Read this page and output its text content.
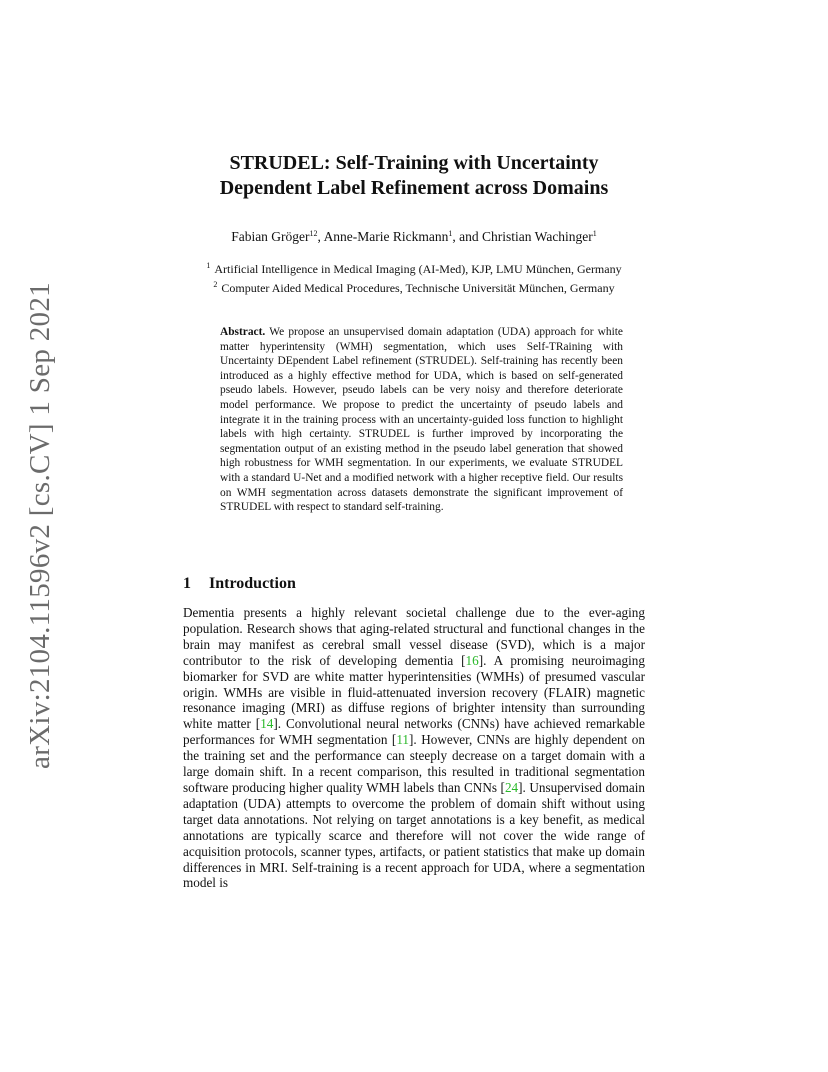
arXiv:2104.11596v2 [cs.CV] 1 Sep 2021
STRUDEL: Self-Training with Uncertainty
Dependent Label Refinement across Domains
Fabian Gröger$^{12}$, Anne-Marie Rickmann$^1$, and Christian Wachinger$^1$
$^1$ Artificial Intelligence in Medical Imaging (AI-Med), KJP, LMU München, Germany
$^2$ Computer Aided Medical Procedures, Technische Universität München, Germany
Abstract. We propose an unsupervised domain adaptation (UDA) approach for white matter hyperintensity (WMH) segmentation, which uses Self-TRaining with Uncertainty DEpendent Label refinement (STRUDEL). Self-training has recently been introduced as a highly effective method for UDA, which is based on self-generated pseudo labels. However, pseudo labels can be very noisy and therefore deteriorate model performance. We propose to predict the uncertainty of pseudo labels and integrate it in the training process with an uncertainty-guided loss function to highlight labels with high certainty. STRUDEL is further improved by incorporating the segmentation output of an existing method in the pseudo label generation that showed high robustness for WMH segmentation. In our experiments, we evaluate STRUDEL with a standard U-Net and a modified network with a higher receptive field. Our results on WMH segmentation across datasets demonstrate the significant improvement of STRUDEL with respect to standard self-training.
1 Introduction
Dementia presents a highly relevant societal challenge due to the ever-aging population. Research shows that aging-related structural and functional changes in the brain may manifest as cerebral small vessel disease (SVD), which is a major contributor to the risk of developing dementia [16]. A promising neuroimaging biomarker for SVD are white matter hyperintensities (WMHs) of presumed vascular origin. WMHs are visible in fluid-attenuated inversion recovery (FLAIR) magnetic resonance imaging (MRI) as diffuse regions of brighter intensity than surrounding white matter [14]. Convolutional neural networks (CNNs) have achieved remarkable performances for WMH segmentation [11]. However, CNNs are highly dependent on the training set and the performance can steeply decrease on a target domain with a large domain shift. In a recent comparison, this resulted in traditional segmentation software producing higher quality WMH labels than CNNs [24]. Unsupervised domain adaptation (UDA) attempts to overcome the problem of domain shift without using target data annotations. Not relying on target annotations is a key benefit, as medical annotations are typically scarce and therefore will not cover the wide range of acquisition protocols, scanner types, artifacts, or patient statistics that make up domain differences in MRI. Self-training is a recent approach for UDA, where a segmentation model is
